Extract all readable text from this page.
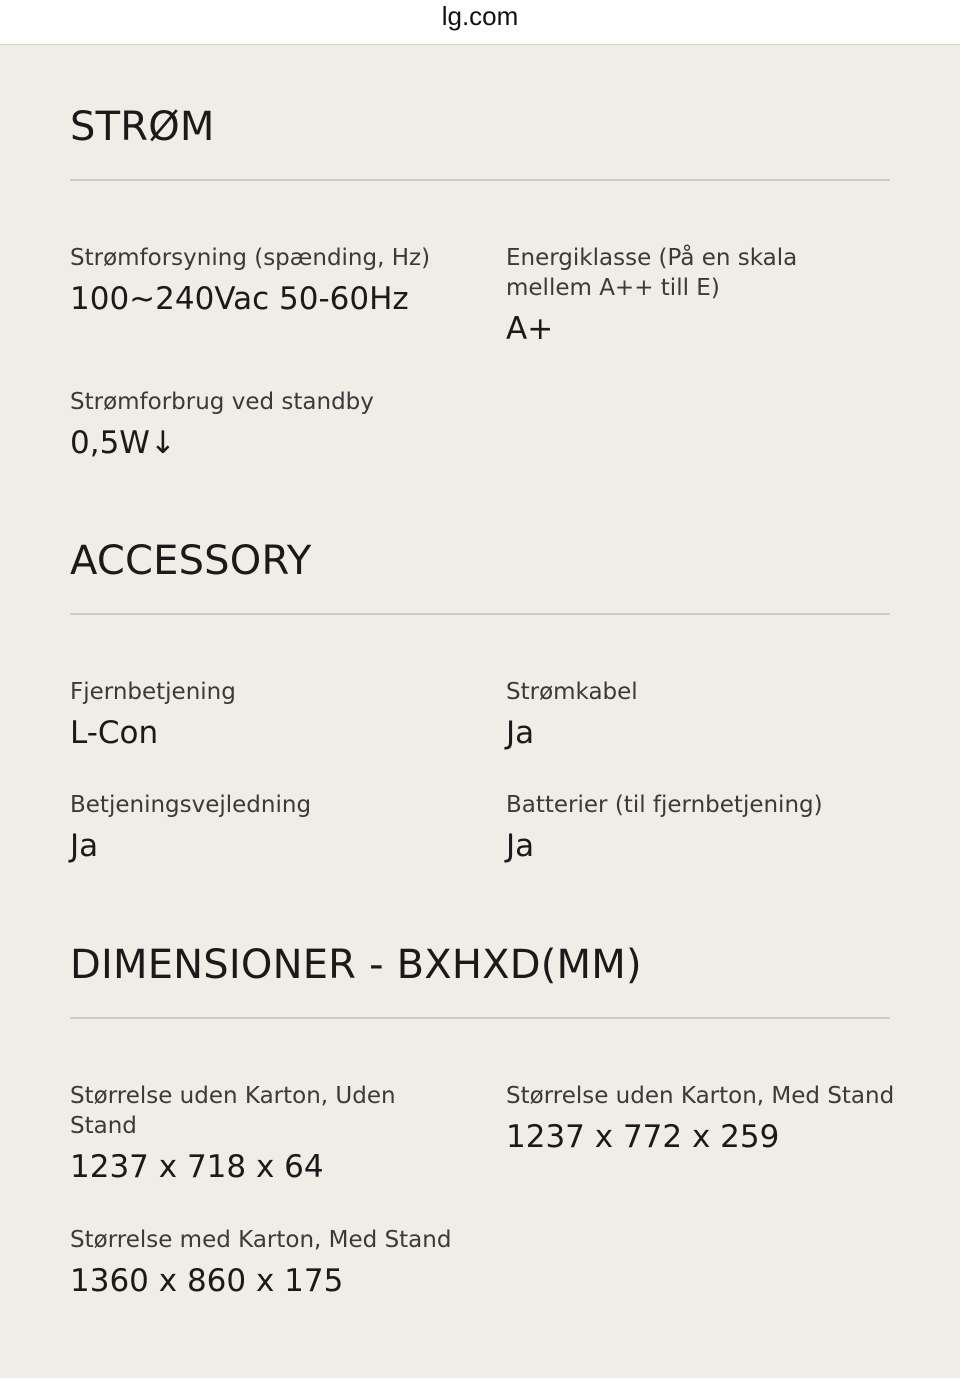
lg.com
STRØM
Strømforsyning (spænding, Hz)
100~240Vac 50-60Hz
Energiklasse (På en skala mellem A++ till E)
A+
Strømforbrug ved standby
0,5W↓
ACCESSORY
Fjernbetjening
L-Con
Strømkabel
Ja
Betjeningsvejledning
Ja
Batterier (til fjernbetjening)
Ja
DIMENSIONER - BXHXD(MM)
Størrelse uden Karton, Uden Stand
1237 x 718 x 64
Størrelse uden Karton, Med Stand
1237 x 772 x 259
Størrelse med Karton, Med Stand
1360 x 860 x 175
